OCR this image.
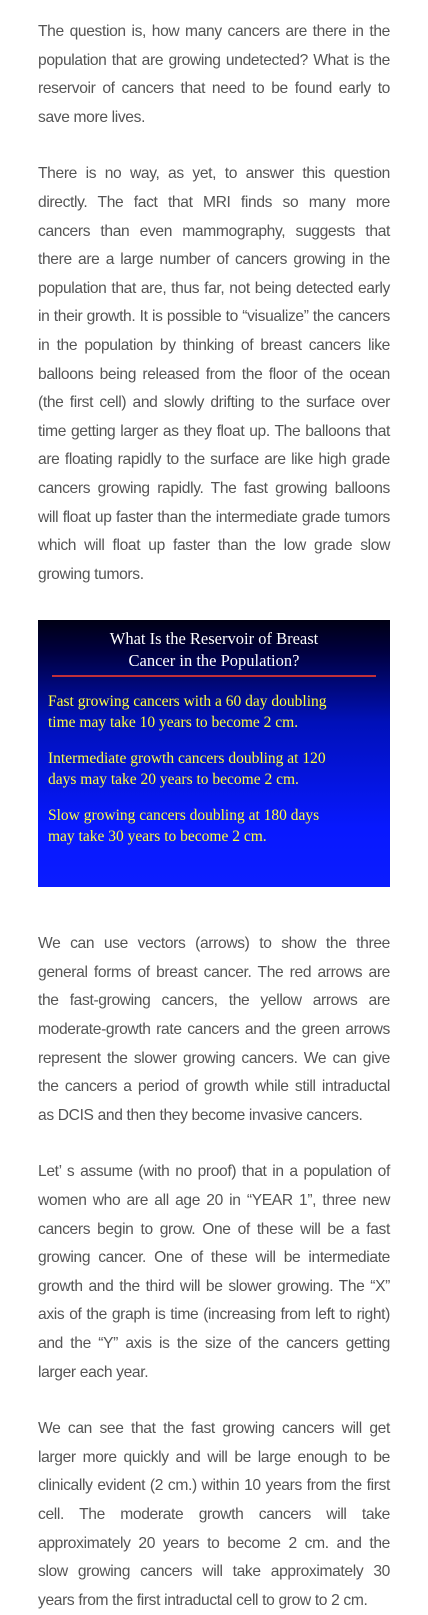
The question is, how many cancers are there in the population that are growing undetected? What is the reservoir of cancers that need to be found early to save more lives.

There is no way, as yet, to answer this question directly. The fact that MRI finds so many more cancers than even mammography, suggests that there are a large number of cancers growing in the population that are, thus far, not being detected early in their growth. It is possible to “visualize” the cancers in the population by thinking of breast cancers like balloons being released from the floor of the ocean (the first cell) and slowly drifting to the surface over time getting larger as they float up. The balloons that are floating rapidly to the surface are like high grade cancers growing rapidly. The fast growing balloons will float up faster than the intermediate grade tumors which will float up faster than the low grade slow growing tumors.

What Is the Reservoir of Breast
Cancer in the Population?

Fast growing cancers with a 60 day doubling
time may take 10 years to become 2 cm.

Intermediate growth cancers doubling at 120
days may take 20 years to become 2 cm.

Slow growing cancers doubling at 180 days
may take 30 years to become 2 cm.

We can use vectors (arrows) to show the three general forms of breast cancer. The red arrows are the fast-growing cancers, the yellow arrows are moderate-growth rate cancers and the green arrows represent the slower growing cancers. We can give the cancers a period of growth while still intraductal as DCIS and then they become invasive cancers.

Let’ s assume (with no proof) that in a population of women who are all age 20 in “YEAR 1”, three new cancers begin to grow. One of these will be a fast growing cancer. One of these will be intermediate growth and the third will be slower growing. The “X” axis of the graph is time (increasing from left to right) and the “Y” axis is the size of the cancers getting larger each year.

We can see that the fast growing cancers will get larger more quickly and will be large enough to be clinically evident (2 cm.) within 10 years from the first cell. The moderate growth cancers will take approximately 20 years to become 2 cm. and the slow growing cancers will take approximately 30 years from the first intraductal cell to grow to 2 cm.
